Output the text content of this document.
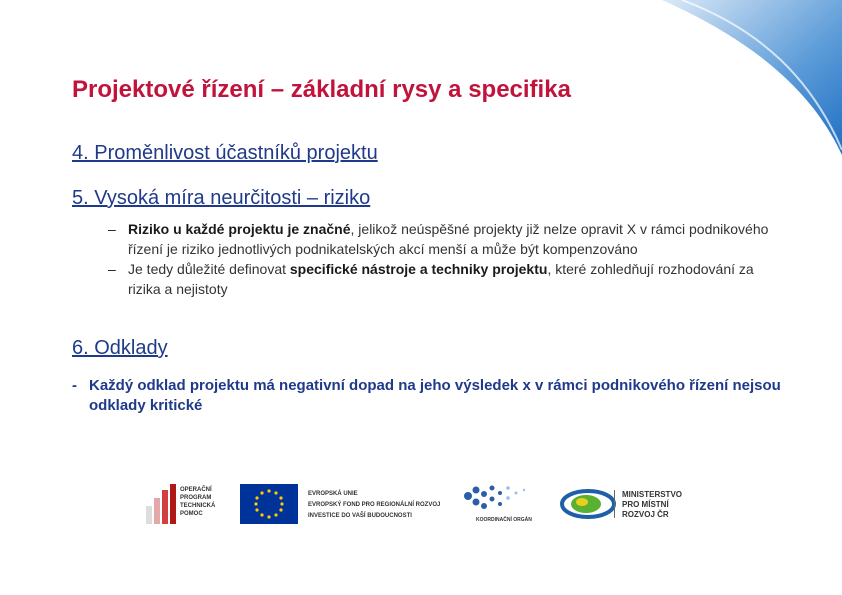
Projektové řízení – základní rysy a specifika
4. Proměnlivost účastníků projektu
5. Vysoká míra neurčitosti – riziko
– Riziko u každé projektu je značné, jelikož neúspěšné projekty již nelze opravit X v rámci podnikového řízení je riziko jednotlivých podnikatelských akcí menší a může být kompenzováno
– Je tedy důležité definovat specifické nástroje a techniky projektu, které zohledňují rozhodování za rizika a nejistoty
6. Odklady
- Každý odklad projektu má negativní dopad na jeho výsledek x v rámci podnikového řízení nejsou odklady kritické
OPERAČNÍ
PROGRAM
TECHNICKÁ
POMOC
EVROPSKÁ UNIE
EVROPSKÝ FOND PRO REGIONÁLNÍ ROZVOJ
INVESTICE DO VAŠÍ BUDOUCNOSTI
KOORDINAČNÍ ORGÁN
MINISTERSTVO
PRO MÍSTNÍ
ROZVOJ ČR
